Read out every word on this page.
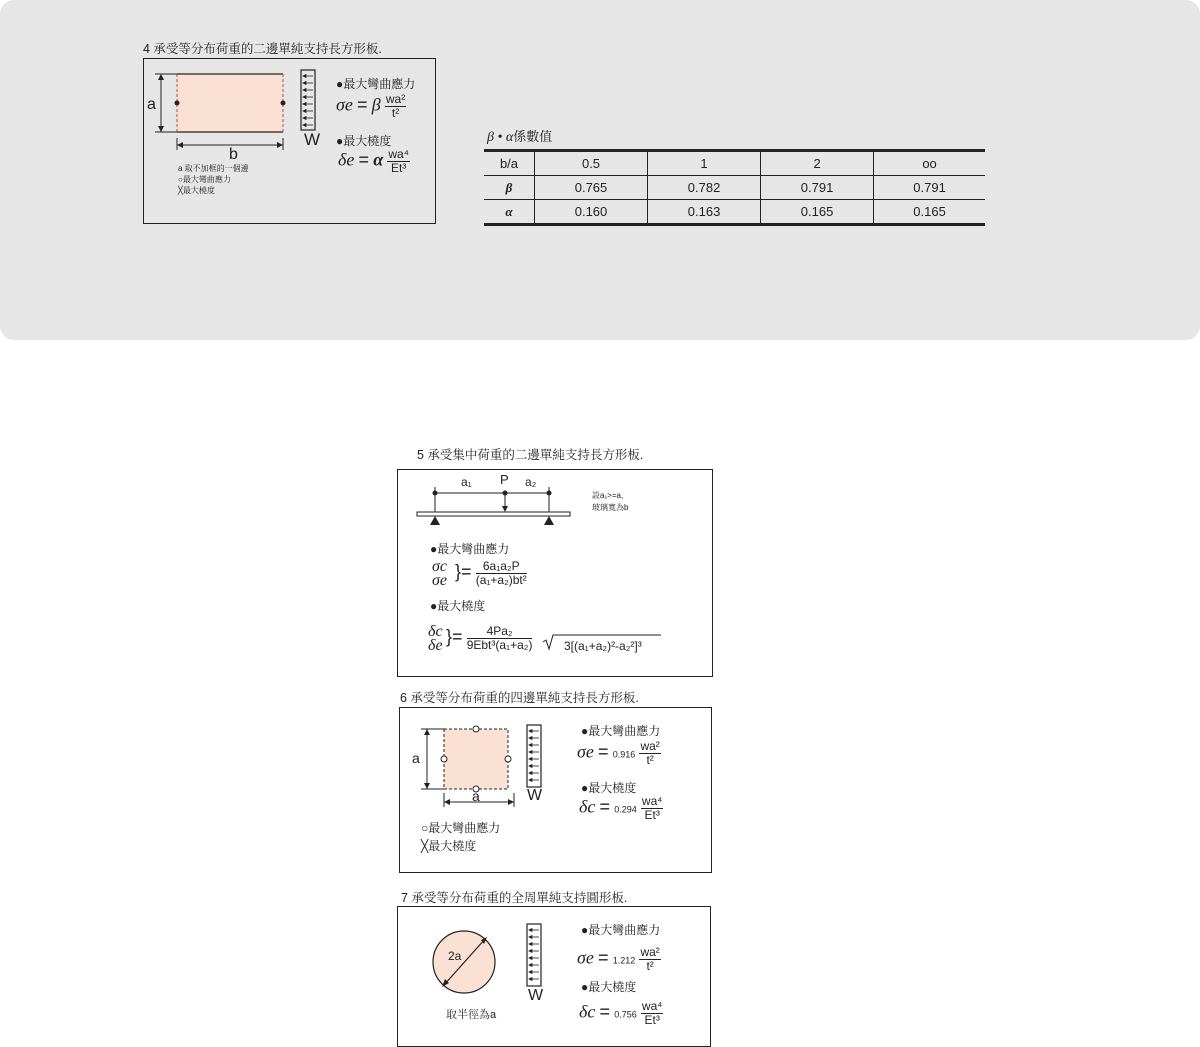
4 承受等分布荷重的二邊單純支持長方形板.
a
b
W
a 取不加框的一個邊
○最大彎曲應力
╳最大橈度
●最大彎曲應力
σe = β $\frac{\text{wa²}}{\text{t²}}$
●最大橈度
δe = α $\frac{\text{wa⁴}}{\text{Et³}}$
β • α係數值
b/a	0.5	1	2	oo
β	0.765	0.782	0.791	0.791
α	0.160	0.163	0.165	0.165
5 承受集中荷重的二邊單純支持長方形板.
a₁ P a₂
設a₁>=a,
玻璃寬為b
●最大彎曲應力
σc
σe }= $\frac{\text{6a₁a₂P}}{\text{(a₁+a₂)bt²}}$
●最大橈度
δc
δe }= $\frac{\text{4Pa₂}}{\text{9Ebt³(a₁+a₂)}}$	3[(a₁+a₂)²-a₂²]³
6 承受等分布荷重的四邊單純支持長方形板.
a
a	W
○最大彎曲應力
╳最大橈度
●最大彎曲應力
$\sigma e = 0.916 \frac{\text{wa²}}{\text{t²}}$
●最大橈度
$\delta c = 0.294 \frac{\text{wa⁴}}{\text{Et³}}$
7 承受等分布荷重的全周單純支持圓形板.
2a
W
取半徑為a
●最大彎曲應力
$\sigma e = 1.212 \frac{\text{wa²}}{\text{t²}}$
●最大橈度
$\delta c = 0.756 \frac{\text{wa⁴}}{\text{Et³}}$
